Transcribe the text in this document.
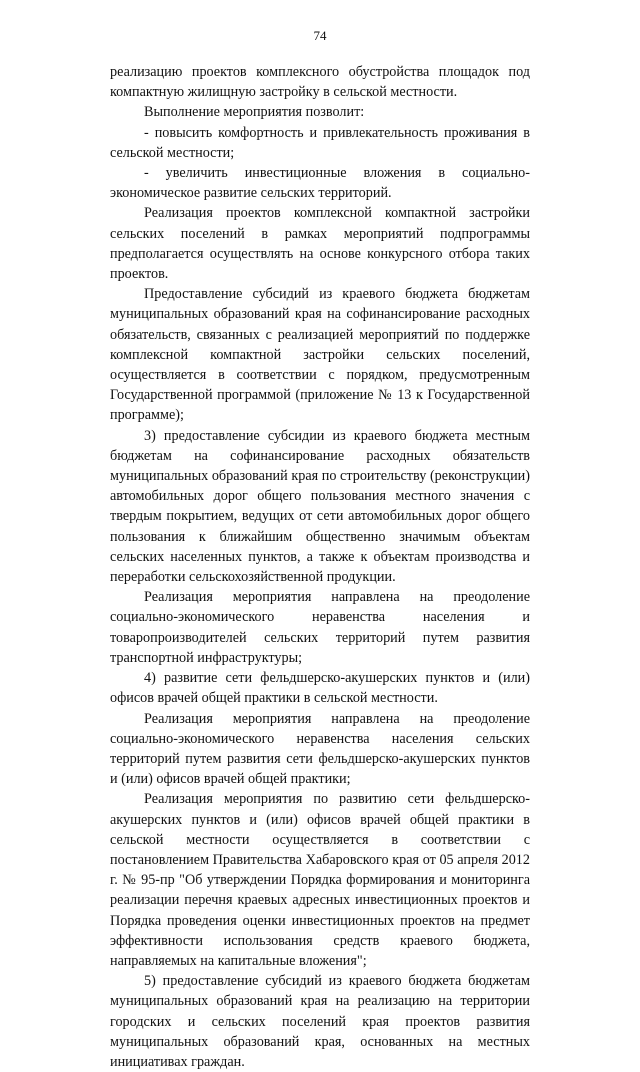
74

реализацию проектов комплексного обустройства площадок под компактную жилищную застройку в сельской местности.

Выполнение мероприятия позволит:

- повысить комфортность и привлекательность проживания в сельской местности;

- увеличить инвестиционные вложения в социально-экономическое развитие сельских территорий.

Реализация проектов комплексной компактной застройки сельских поселений в рамках мероприятий подпрограммы предполагается осуществлять на основе конкурсного отбора таких проектов.

Предоставление субсидий из краевого бюджета бюджетам муниципальных образований края на софинансирование расходных обязательств, связанных с реализацией мероприятий по поддержке комплексной компактной застройки сельских поселений, осуществляется в соответствии с порядком, предусмотренным Государственной программой (приложение № 13 к Государственной программе);

3) предоставление субсидии из краевого бюджета местным бюджетам на софинансирование расходных обязательств муниципальных образований края по строительству (реконструкции) автомобильных дорог общего пользования местного значения с твердым покрытием, ведущих от сети автомобильных дорог общего пользования к ближайшим общественно значимым объектам сельских населенных пунктов, а также к объектам производства и переработки сельскохозяйственной продукции.

Реализация мероприятия направлена на преодоление социально-экономического неравенства населения и товаропроизводителей сельских территорий путем развития транспортной инфраструктуры;

4) развитие сети фельдшерско-акушерских пунктов и (или) офисов врачей общей практики в сельской местности.

Реализация мероприятия направлена на преодоление социально-экономического неравенства населения сельских территорий путем развития сети фельдшерско-акушерских пунктов и (или) офисов врачей общей практики;

Реализация мероприятия по развитию сети фельдшерско-акушерских пунктов и (или) офисов врачей общей практики в сельской местности осуществляется в соответствии с постановлением Правительства Хабаровского края от 05 апреля 2012 г. № 95-пр "Об утверждении Порядка формирования и мониторинга реализации перечня краевых адресных инвестиционных проектов и Порядка проведения оценки инвестиционных проектов на предмет эффективности использования средств краевого бюджета, направляемых на капитальные вложения";

5) предоставление субсидий из краевого бюджета бюджетам муниципальных образований края на реализацию на территории городских и сельских поселений края проектов развития муниципальных образований края, основанных на местных инициативах граждан.
